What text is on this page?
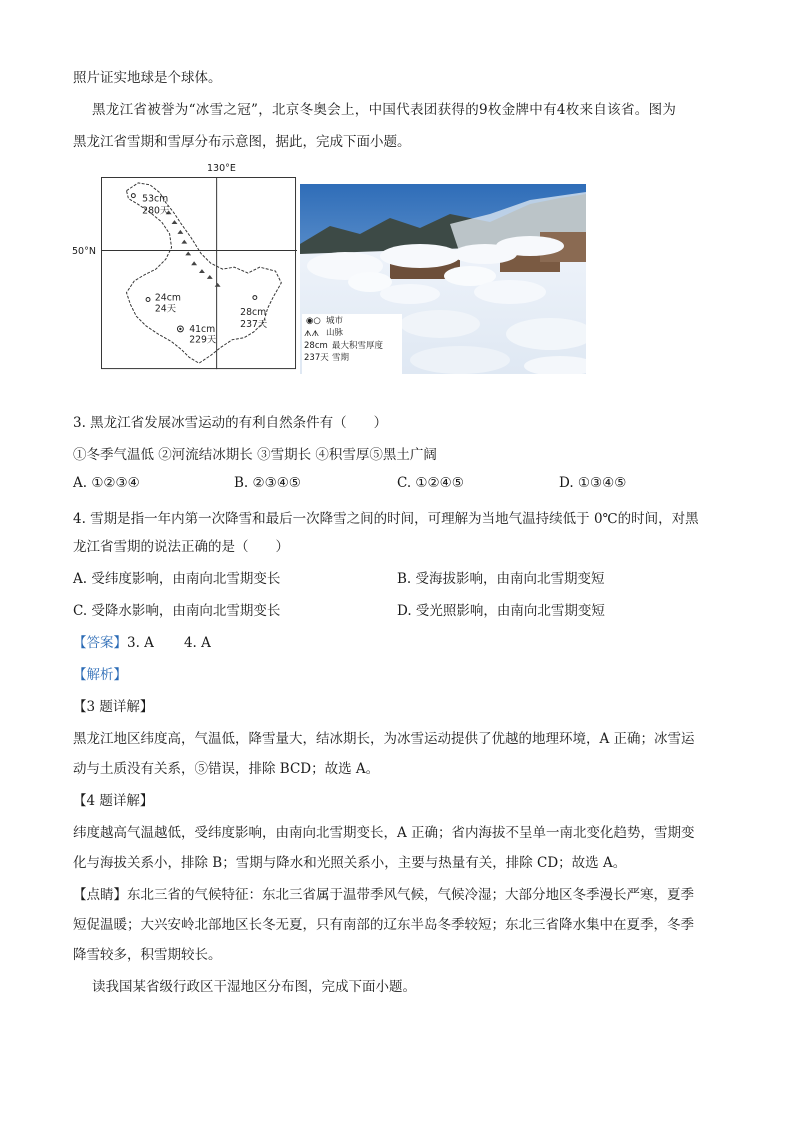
照片证实地球是个球体。
黑龙江省被誉为“冰雪之冠”，北京冬奥会上，中国代表团获得的9枚金牌中有4枚来自该省。图为
黑龙江省雪期和雪厚分布示意图，据此，完成下面小题。
53cm
280天
24cm
24天	28cm
237天
41cm
229天
130°E
50°N
◉○ 城市
ᗑᗑ 山脉
28cm 最大积雪厚度
237天 雪期
3. 黑龙江省发展冰雪运动的有利自然条件有（　　）
①冬季气温低 ②河流结冰期长 ③雪期长 ④积雪厚⑤黑土广阔
A. ①②③④	B. ②③④⑤	C. ①②④⑤	D. ①③④⑤
4. 雪期是指一年内第一次降雪和最后一次降雪之间的时间，可理解为当地气温持续低于 0℃的时间，对黑
龙江省雪期的说法正确的是（　　）
A. 受纬度影响，由南向北雪期变长	B. 受海拔影响，由南向北雪期变短
C. 受降水影响，由南向北雪期变长	D. 受光照影响，由南向北雪期变短
【答案】3. A       4. A
【解析】
【3 题详解】
黑龙江地区纬度高，气温低，降雪量大，结冰期长，为冰雪运动提供了优越的地理环境，A 正确；冰雪运
动与土质没有关系，⑤错误，排除 BCD；故选 A。
【4 题详解】
纬度越高气温越低，受纬度影响，由南向北雪期变长，A 正确；省内海拔不呈单一南北变化趋势，雪期变
化与海拔关系小，排除 B；雪期与降水和光照关系小，主要与热量有关，排除 CD；故选 A。
【点睛】东北三省的气候特征：东北三省属于温带季风气候，气候冷湿；大部分地区冬季漫长严寒，夏季
短促温暖；大兴安岭北部地区长冬无夏，只有南部的辽东半岛冬季较短；东北三省降水集中在夏季，冬季
降雪较多，积雪期较长。
读我国某省级行政区干湿地区分布图，完成下面小题。
